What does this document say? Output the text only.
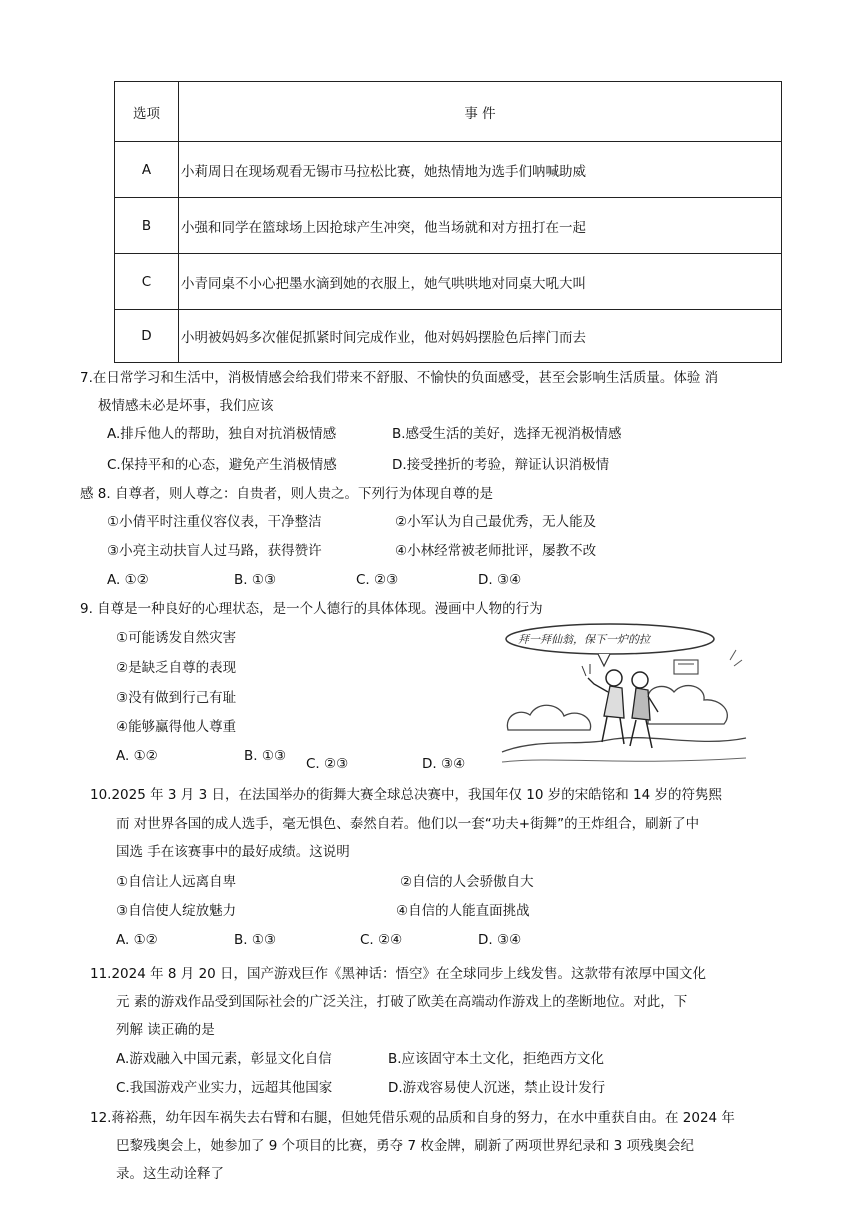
选项	事 件
A	小莉周日在现场观看无锡市马拉松比赛，她热情地为选手们呐喊助威
B	小强和同学在篮球场上因抢球产生冲突，他当场就和对方扭打在一起
C	小青同桌不小心把墨水滴到她的衣服上，她气哄哄地对同桌大吼大叫
D	小明被妈妈多次催促抓紧时间完成作业，他对妈妈摆脸色后摔门而去
7.在日常学习和生活中，消极情感会给我们带来不舒服、不愉快的负面感受，甚至会影响生活质量。体验 消
极情感未必是坏事，我们应该
A.排斥他人的帮助，独自对抗消极情感	B.感受生活的美好，选择无视消极情感
C.保持平和的心态，避免产生消极情感	D.接受挫折的考验，辩证认识消极情
感 8. 自尊者，则人尊之：自贵者，则人贵之。下列行为体现自尊的是
①小倩平时注重仪容仪表，干净整洁	②小军认为自己最优秀，无人能及
③小亮主动扶盲人过马路，获得赞许	④小林经常被老师批评，屡教不改
A. ①②	B. ①③	C. ②③	D. ③④
9. 自尊是一种良好的心理状态，是一个人德行的具体体现。漫画中人物的行为
①可能诱发自然灾害
②是缺乏自尊的表现
③没有做到行己有耻
④能够赢得他人尊重
A. ①②	B. ①③ C. ②③	D. ③④
拜一拜仙翁，保下一炉的拉
10.2025 年 3 月 3 日，在法国举办的街舞大赛全球总决赛中，我国年仅 10 岁的宋皓铭和 14 岁的符隽熙
而 对世界各国的成人选手，毫无惧色、泰然自若。他们以一套“功夫+街舞”的王炸组合，刷新了中
国选 手在该赛事中的最好成绩。这说明
①自信让人远离自卑	②自信的人会骄傲自大
③自信使人绽放魅力	④自信的人能直面挑战
A. ①②	B. ①③	C. ②④	D. ③④
11.2024 年 8 月 20 日，国产游戏巨作《黑神话：悟空》在全球同步上线发售。这款带有浓厚中国文化
元 素的游戏作品受到国际社会的广泛关注，打破了欧美在高端动作游戏上的垄断地位。对此，下
列解 读正确的是
A.游戏融入中国元素，彰显文化自信	B.应该固守本土文化，拒绝西方文化
C.我国游戏产业实力，远超其他国家	D.游戏容易使人沉迷，禁止设计发行
12.蒋裕燕，幼年因车祸失去右臂和右腿，但她凭借乐观的品质和自身的努力，在水中重获自由。在 2024 年
巴黎残奥会上，她参加了 9 个项目的比赛，勇夺 7 枚金牌，刷新了两项世界纪录和 3 项残奥会纪
录。这生动诠释了
